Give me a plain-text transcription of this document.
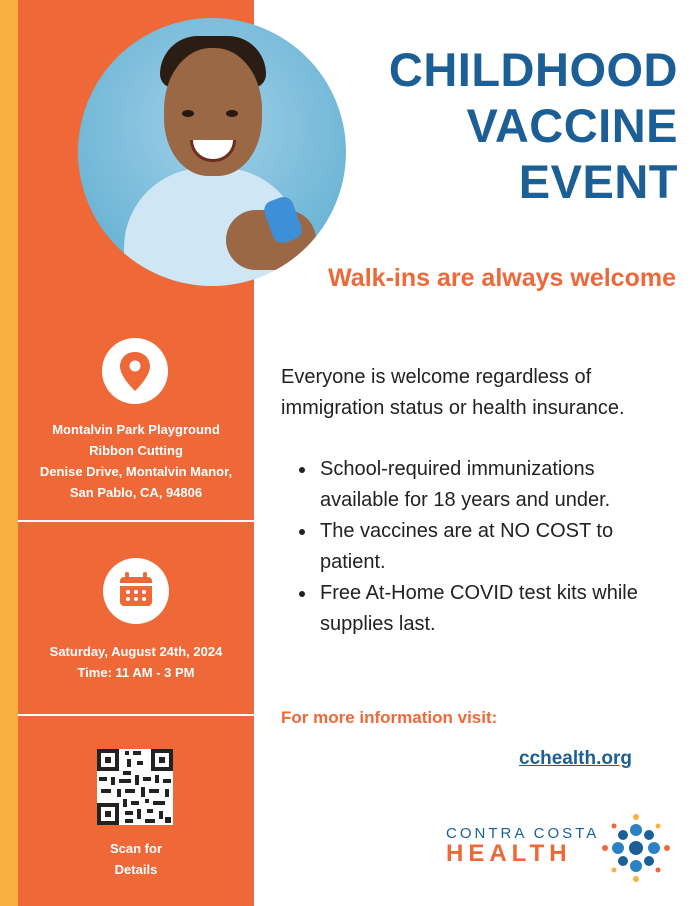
Montalvin Park Playground
Ribbon Cutting
Denise Drive, Montalvin Manor,
San Pablo, CA, 94806
Saturday, August 24th, 2024
Time: 11 AM - 3 PM
Scan for
Details
CHILDHOOD VACCINE EVENT
Walk-ins are always welcome

Everyone is welcome regardless of immigration status or health insurance.

School-required immunizations available for 18 years and under.
The vaccines are at NO COST to patient.
Free At-Home COVID test kits while supplies last.
For more information visit:
cchealth.org
CONTRA COSTA
HEALTH
